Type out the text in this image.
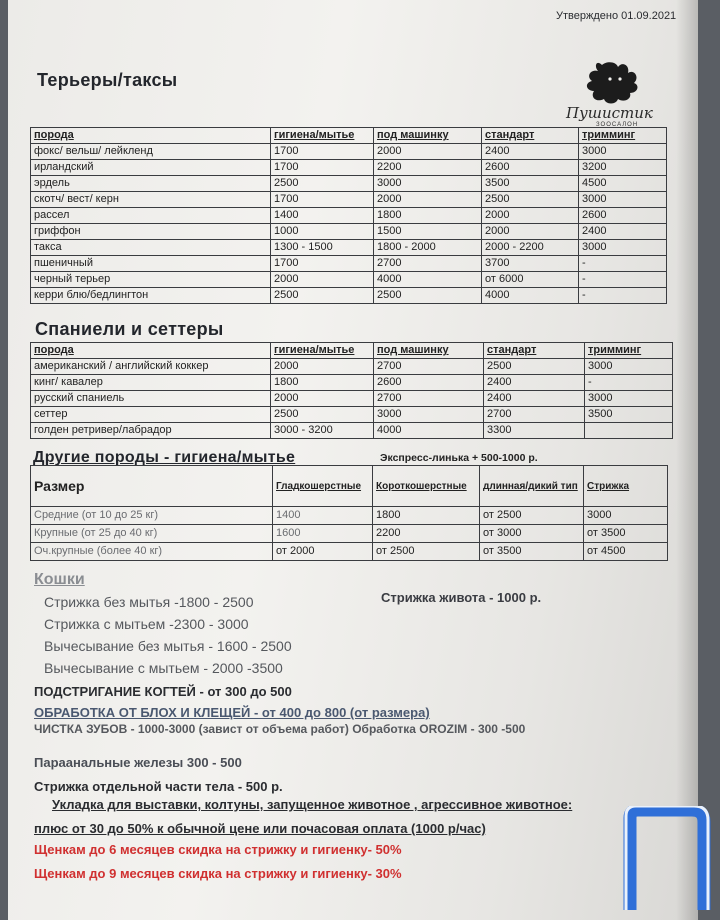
Утверждено 01.09.2021
Пушистик
ЗООСАЛОН
Терьеры/таксы
порода	гигиена/мытье	под машинку	стандарт	тримминг
фокс/ вельш/ лейкленд	1700	2000	2400	3000
ирландский	1700	2200	2600	3200
эрдель	2500	3000	3500	4500
скотч/ вест/ керн	1700	2000	2500	3000
рассел	1400	1800	2000	2600
гриффон	1000	1500	2000	2400
такса	1300 - 1500	1800 - 2000	2000 - 2200	3000
пшеничный	1700	2700	3700	-
черный терьер	2000	4000	от 6000	-
керри блю/бедлингтон	2500	2500	4000	-
Спаниели и сеттеры
порода	гигиена/мытье	под машинку	стандарт	тримминг
американский / английский коккер	2000	2700	2500	3000
кинг/ кавалер	1800	2600	2400	-
русский спаниель	2000	2700	2400	3000
сеттер	2500	3000	2700	3500
голден ретривер/лабрадор	3000 - 3200	4000	3300	
Другие породы - гигиена/мытье	Экспресс-линька + 500-1000 р.
Размер	Гладкошерстные	Короткошерстные	длинная/дикий тип	Стрижка
Средние (от 10 до 25 кг)	1400	1800	от 2500	3000
Крупные (от 25 до 40 кг)	1600	2200	от 3000	от 3500
Оч.крупные (более 40 кг)	от 2000	от 2500	от 3500	от 4500
Кошки
Стрижка без мытья -1800 - 2500
Стрижка с мытьем -2300 - 3000
Вычесывание без мытья - 1600 - 2500
Вычесывание с мытьем - 2000 -3500
Стрижка живота - 1000 р.
ПОДСТРИГАНИЕ КОГТЕЙ - от 300 до 500
ОБРАБОТКА ОТ БЛОХ И КЛЕЩЕЙ - от 400 до 800 (от размера)
ЧИСТКА ЗУБОВ - 1000-3000 (завист от объема работ) Обработка OROZIM - 300 -500
Параанальные железы 300 - 500
Стрижка отдельной части тела - 500 р.
Укладка для выставки, колтуны, запущенное животное , агрессивное животное:
плюс от 30 до 50% к обычной цене или почасовая оплата (1000 р/час)
Щенкам до 6 месяцев скидка на стрижку и гигиенку- 50%
Щенкам до 9 месяцев скидка на стрижку и гигиенку- 30%
